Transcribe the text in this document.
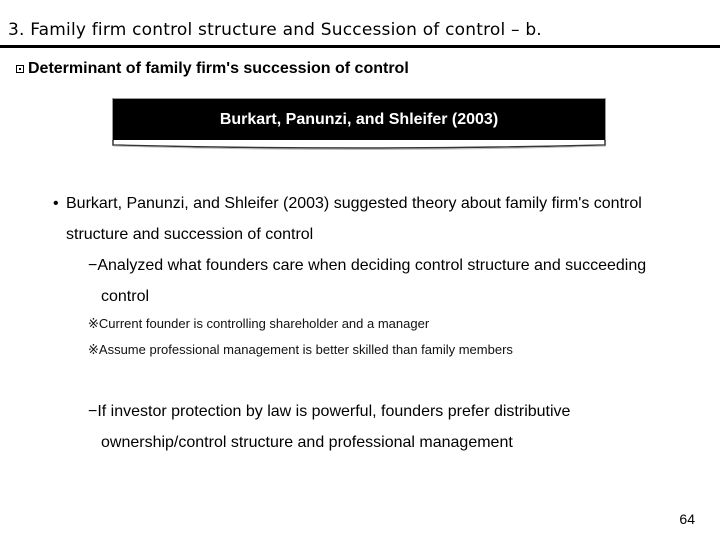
3. Family firm control structure and Succession of control – b.
Determinant of family firm's succession of control
Burkart, Panunzi, and Shleifer (2003)
• Burkart, Panunzi, and Shleifer (2003) suggested theory about family firm's control
structure and succession of control
−Analyzed what founders care when deciding control structure and succeeding
control
※Current founder is controlling shareholder and a manager
※Assume professional management is better skilled than family members
−If investor protection by law is powerful, founders prefer distributive
ownership/control structure and professional management
64
